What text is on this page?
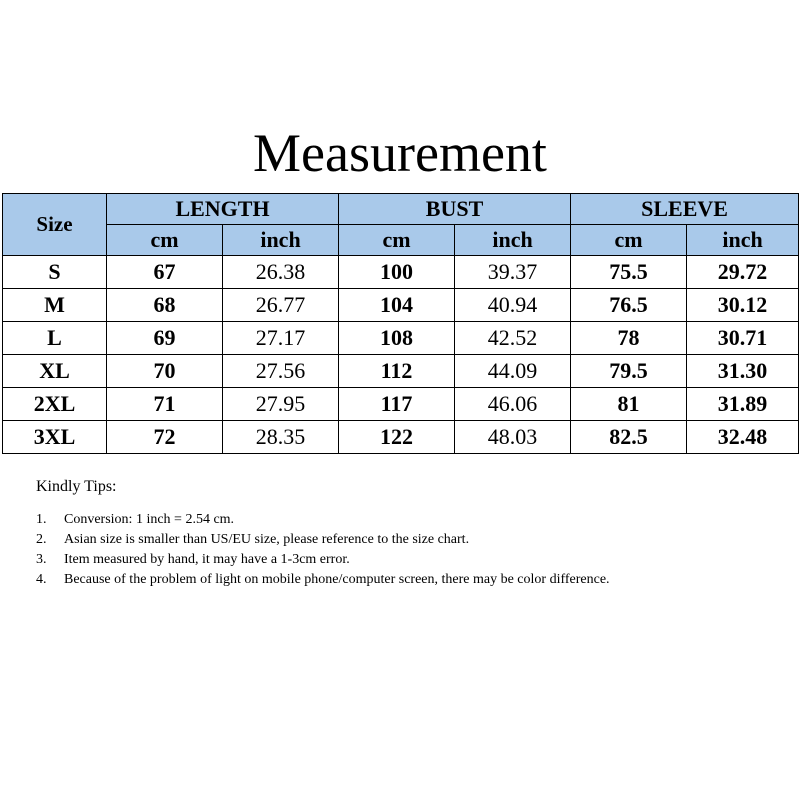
Measurement
Size	LENGTH		BUST		SLEEVE	
	cm	inch	cm	inch	cm	inch
S	67	26.38	100	39.37	75.5	29.72
M	68	26.77	104	40.94	76.5	30.12
L	69	27.17	108	42.52	78	30.71
XL	70	27.56	112	44.09	79.5	31.30
2XL	71	27.95	117	46.06	81	31.89
3XL	72	28.35	122	48.03	82.5	32.48
Kindly Tips:
1. Conversion: 1 inch = 2.54 cm.
2. Asian size is smaller than US/EU size, please reference to the size chart.
3. Item measured by hand, it may have a 1-3cm error.
4. Because of the problem of light on mobile phone/computer screen, there may be color difference.
